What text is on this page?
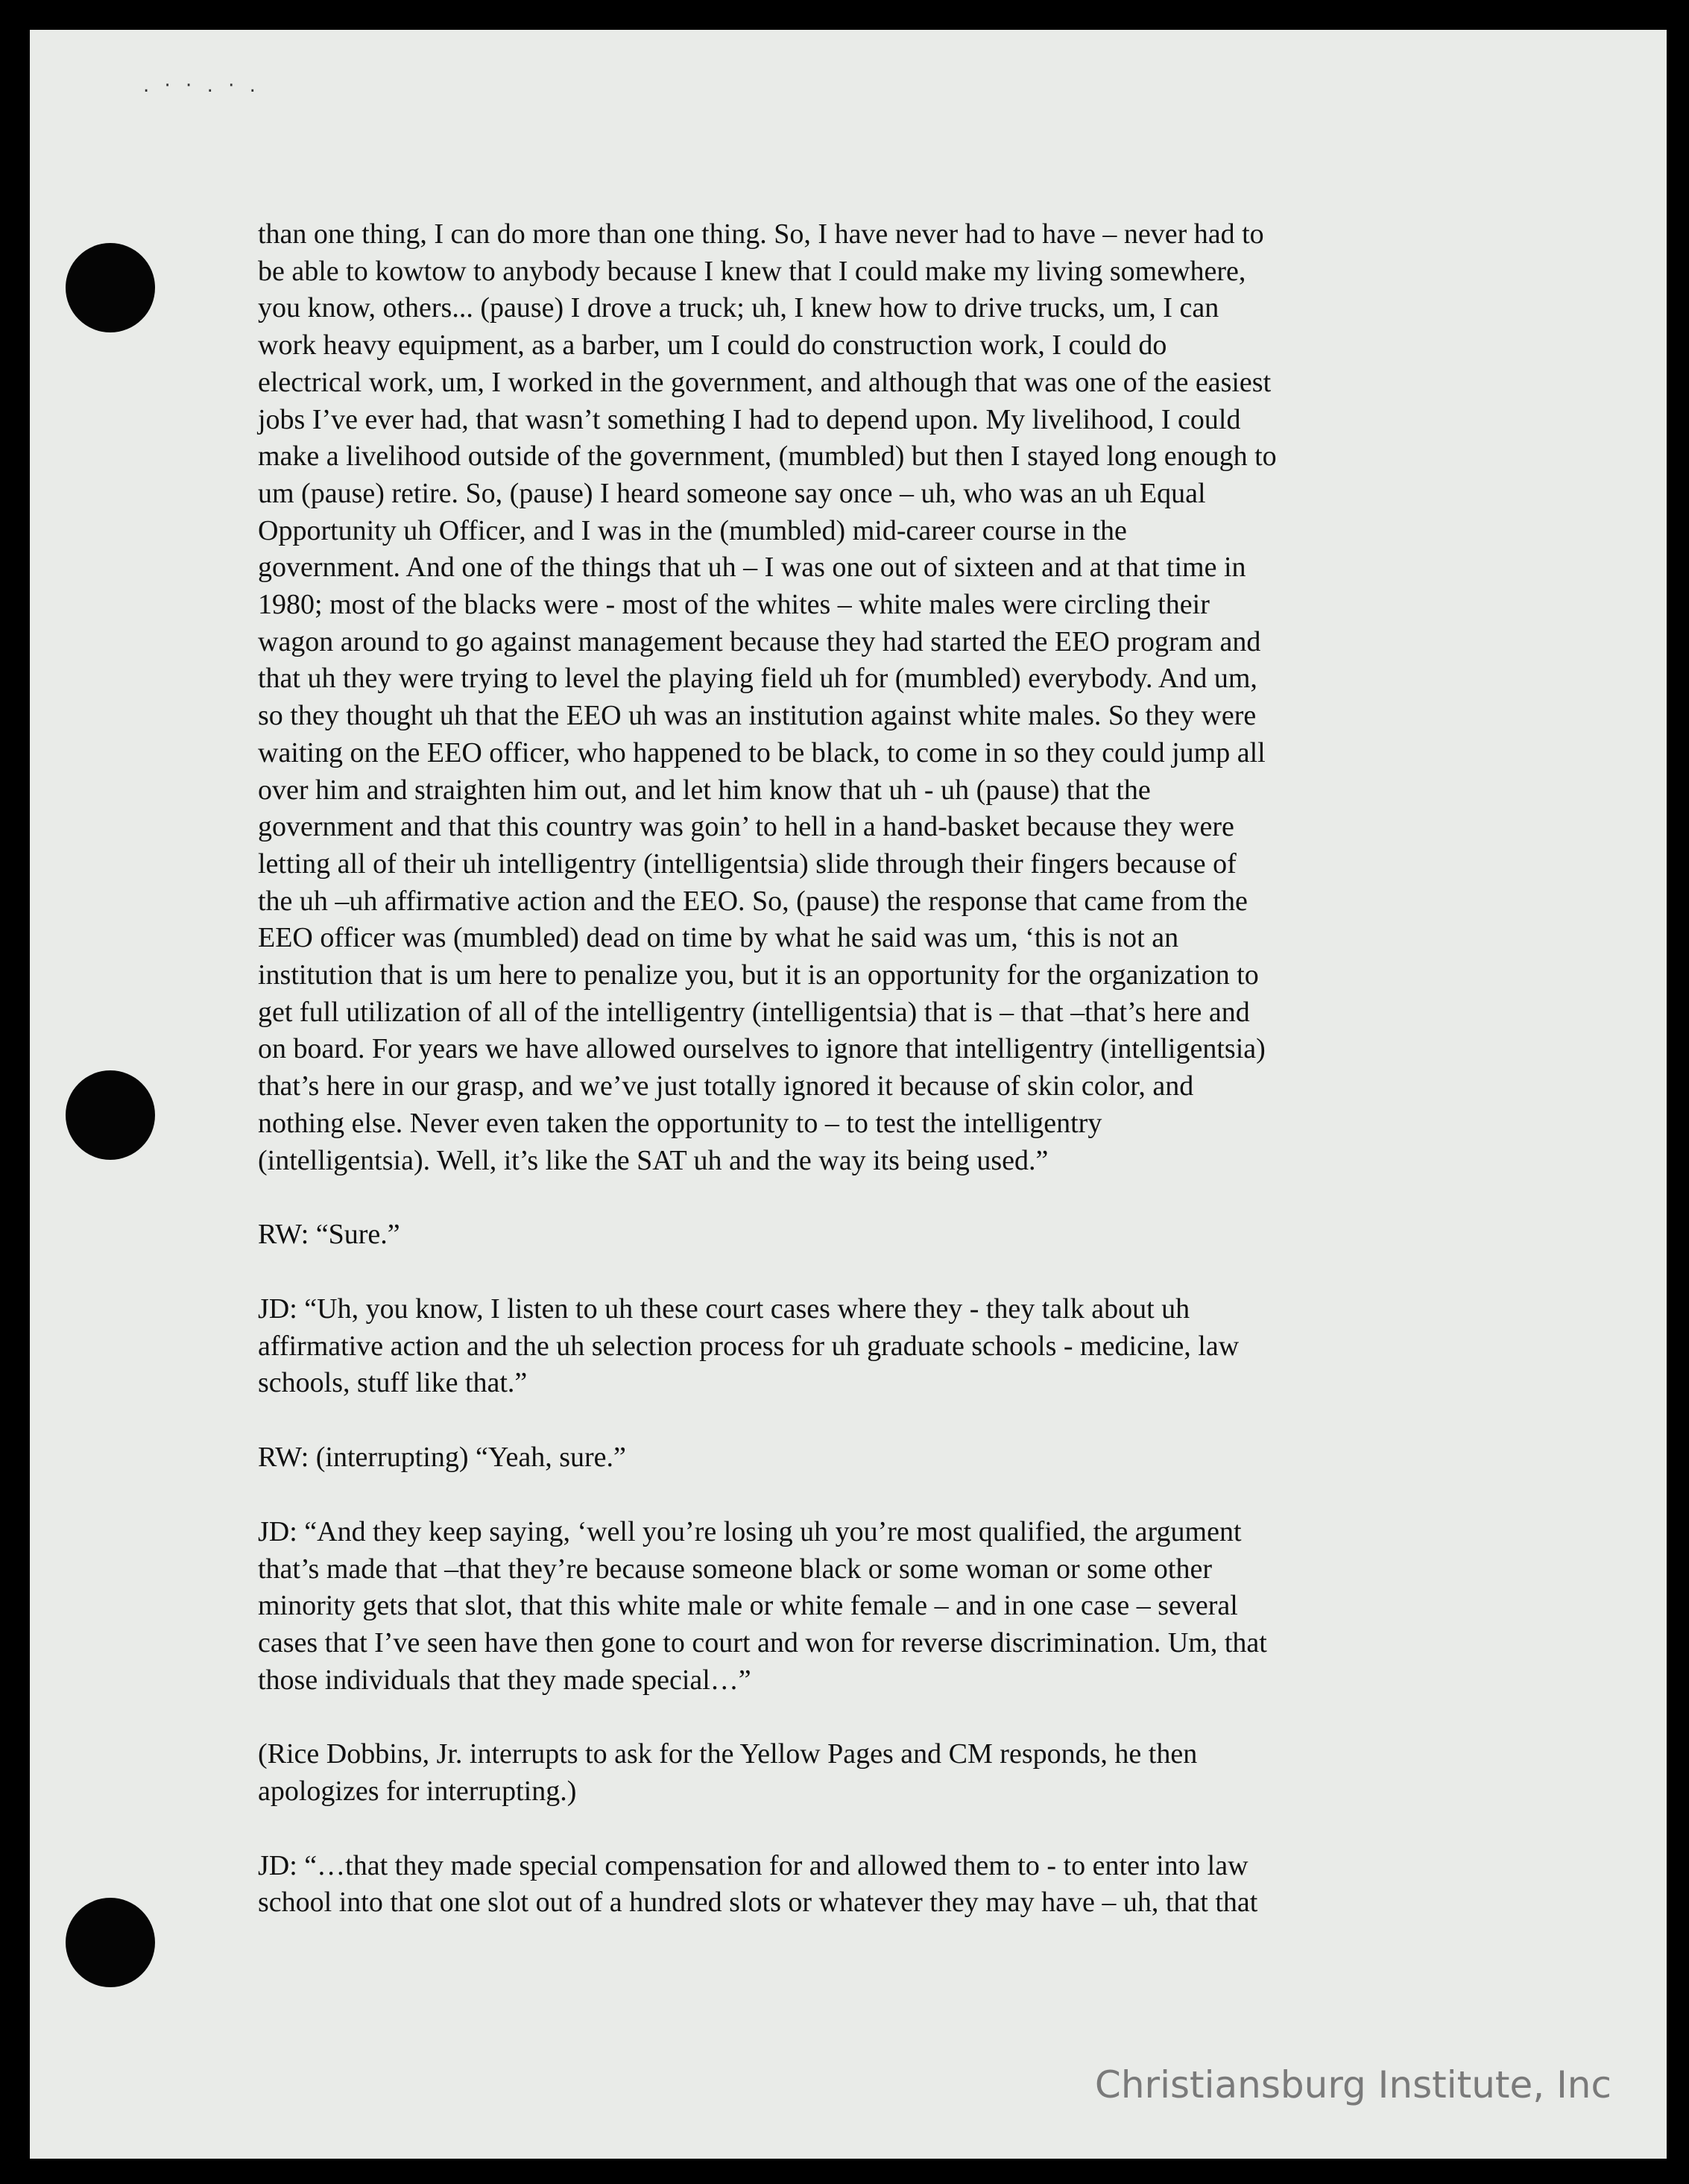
. · · . · .

than one thing, I can do more than one thing. So, I have never had to have – never had to
be able to kowtow to anybody because I knew that I could make my living somewhere,
you know, others... (pause) I drove a truck; uh, I knew how to drive trucks, um, I can
work heavy equipment, as a barber, um I could do construction work, I could do
electrical work, um, I worked in the government, and although that was one of the easiest
jobs I’ve ever had, that wasn’t something I had to depend upon. My livelihood, I could
make a livelihood outside of the government, (mumbled) but then I stayed long enough to
um (pause) retire. So, (pause) I heard someone say once – uh, who was an uh Equal
Opportunity uh Officer, and I was in the (mumbled) mid-career course in the
government. And one of the things that uh – I was one out of sixteen and at that time in
1980; most of the blacks were - most of the whites – white males were circling their
wagon around to go against management because they had started the EEO program and
that uh they were trying to level the playing field uh for (mumbled) everybody. And um,
so they thought uh that the EEO uh was an institution against white males. So they were
waiting on the EEO officer, who happened to be black, to come in so they could jump all
over him and straighten him out, and let him know that uh - uh (pause) that the
government and that this country was goin’ to hell in a hand-basket because they were
letting all of their uh intelligentry (intelligentsia) slide through their fingers because of
the uh –uh affirmative action and the EEO. So, (pause) the response that came from the
EEO officer was (mumbled) dead on time by what he said was um, ‘this is not an
institution that is um here to penalize you, but it is an opportunity for the organization to
get full utilization of all of the intelligentry (intelligentsia) that is – that –that’s here and
on board. For years we have allowed ourselves to ignore that intelligentry (intelligentsia)
that’s here in our grasp, and we’ve just totally ignored it because of skin color, and
nothing else. Never even taken the opportunity to – to test the intelligentry
(intelligentsia). Well, it’s like the SAT uh and the way its being used.”

RW: “Sure.”

JD: “Uh, you know, I listen to uh these court cases where they - they talk about uh
affirmative action and the uh selection process for uh graduate schools - medicine, law
schools, stuff like that.”

RW: (interrupting) “Yeah, sure.”

JD: “And they keep saying, ‘well you’re losing uh you’re most qualified, the argument
that’s made that –that they’re because someone black or some woman or some other
minority gets that slot, that this white male or white female – and in one case – several
cases that I’ve seen have then gone to court and won for reverse discrimination. Um, that
those individuals that they made special…”

(Rice Dobbins, Jr. interrupts to ask for the Yellow Pages and CM responds, he then
apologizes for interrupting.)

JD: “…that they made special compensation for and allowed them to - to enter into law
school into that one slot out of a hundred slots or whatever they may have – uh, that that

Christiansburg Institute, Inc
